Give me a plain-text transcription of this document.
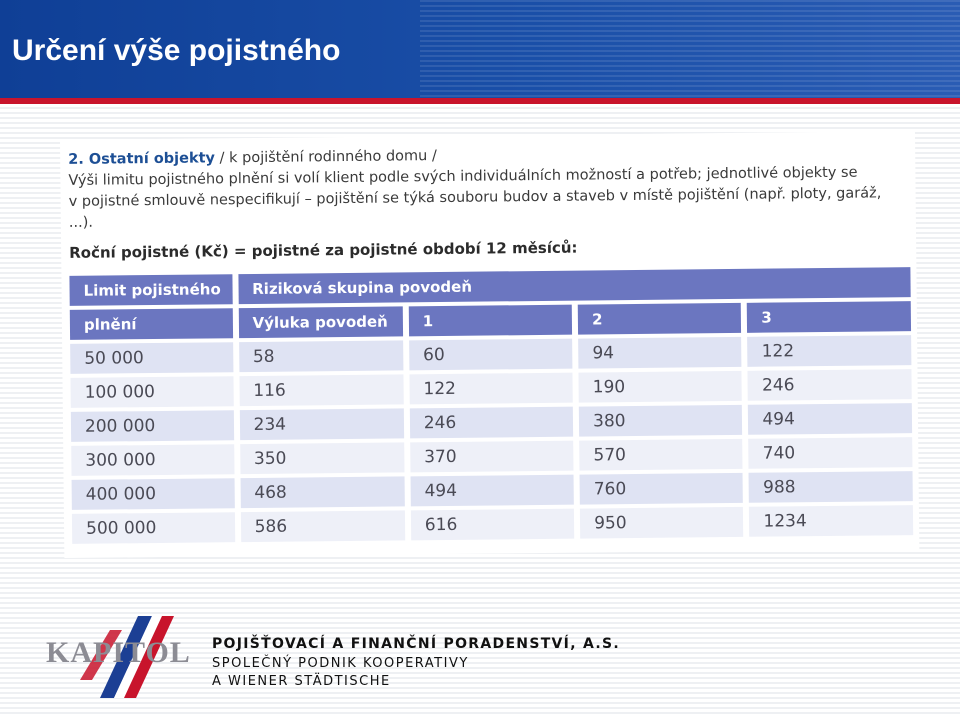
Určení výše pojistného
2. Ostatní objekty / k pojištění rodinného domu /
Výši limitu pojistného plnění si volí klient podle svých individuálních možností a potřeb; jednotlivé objekty se
v pojistné smlouvě nespecifikují – pojištění se týká souboru budov a staveb v místě pojištění (např. ploty, garáž, ...).
Roční pojistné (Kč) = pojistné za pojistné období 12 měsíců:
Limit pojistného	Riziková skupina povodeň			
plnění	Výluka povodeň	1	2	3
50 000	58	60	94	122
100 000	116	122	190	246
200 000	234	246	380	494
300 000	350	370	570	740
400 000	468	494	760	988
500 000	586	616	950	1234
KAPITOL POJIŠŤOVACÍ A FINANČNÍ PORADENSTVÍ, A.S.

SPOLEČNÝ PODNIK KOOPERATIVY

A WIENER STÄDTISCHE
